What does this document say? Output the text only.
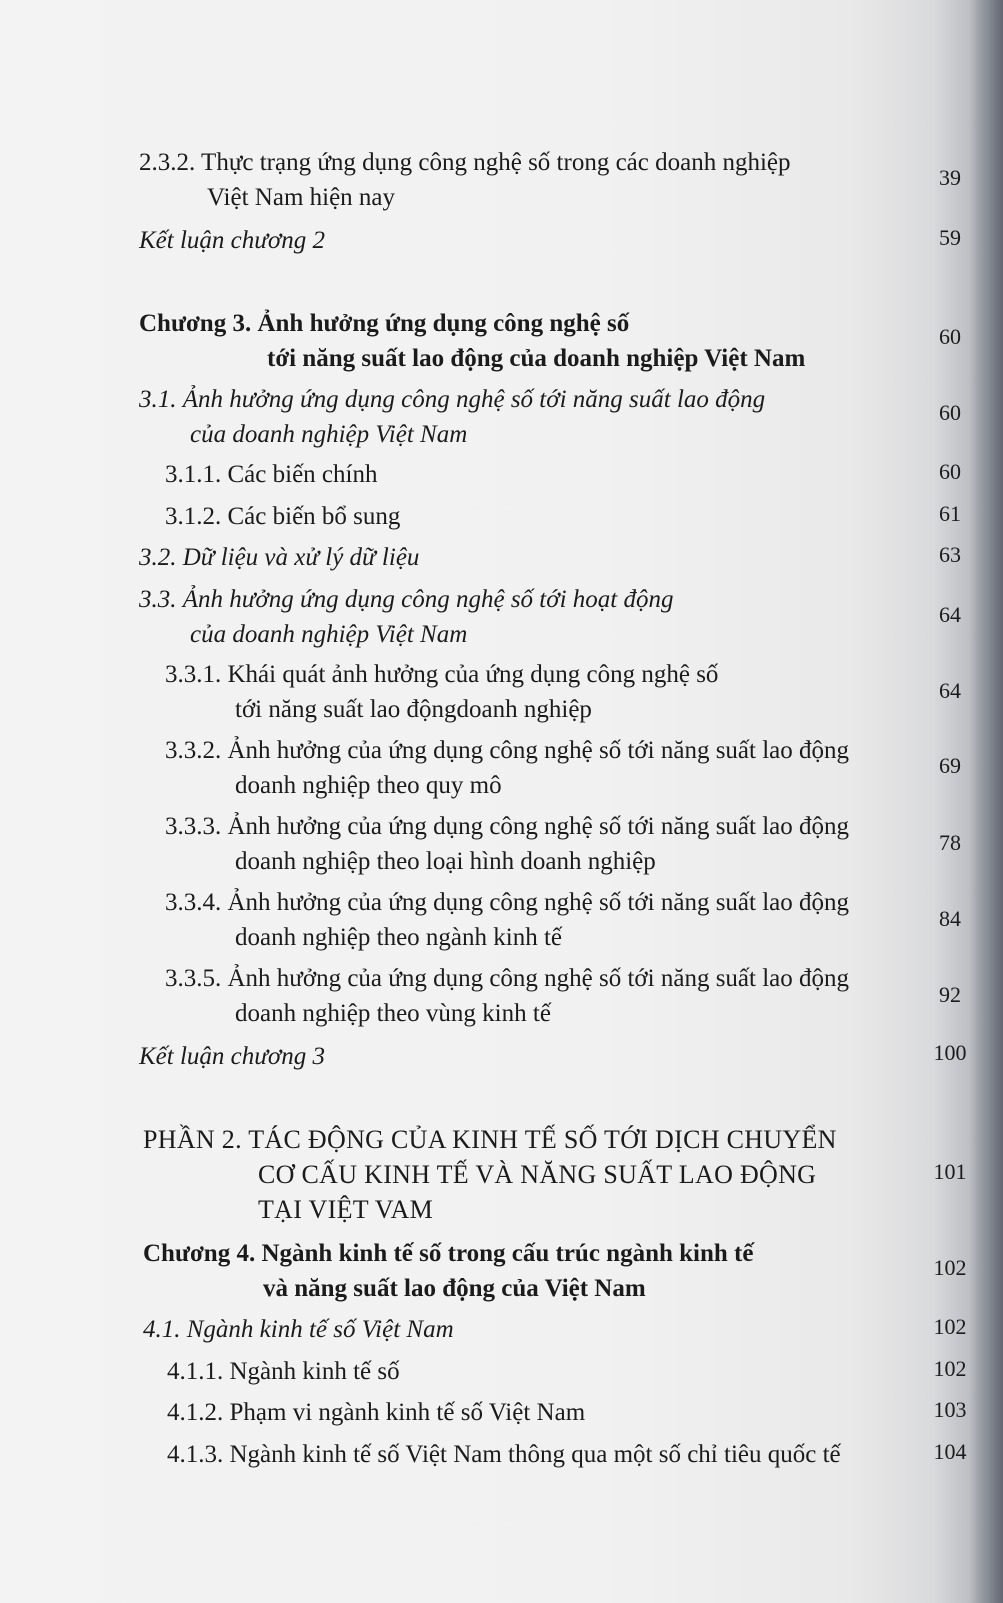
2.3.2. Thực trạng ứng dụng công nghệ số trong các doanh nghiệp
Việt Nam hiện nay
39
Kết luận chương 2	59
Chương 3. Ảnh hưởng ứng dụng công nghệ số
tới năng suất lao động của doanh nghiệp Việt Nam
60
3.1. Ảnh hưởng ứng dụng công nghệ số tới năng suất lao động
của doanh nghiệp Việt Nam
60
3.1.1. Các biến chính	60
3.1.2. Các biến bổ sung	61
3.2. Dữ liệu và xử lý dữ liệu	63
3.3. Ảnh hưởng ứng dụng công nghệ số tới hoạt động
của doanh nghiệp Việt Nam
64
3.3.1. Khái quát ảnh hưởng của ứng dụng công nghệ số
tới năng suất lao độngdoanh nghiệp
64
3.3.2. Ảnh hưởng của ứng dụng công nghệ số tới năng suất lao động
doanh nghiệp theo quy mô
69
3.3.3. Ảnh hưởng của ứng dụng công nghệ số tới năng suất lao động
doanh nghiệp theo loại hình doanh nghiệp
78
3.3.4. Ảnh hưởng của ứng dụng công nghệ số tới năng suất lao động
doanh nghiệp theo ngành kinh tế
84
3.3.5. Ảnh hưởng của ứng dụng công nghệ số tới năng suất lao động
doanh nghiệp theo vùng kinh tế
92
Kết luận chương 3	100
PHẦN 2. TÁC ĐỘNG CỦA KINH TẾ SỐ TỚI DỊCH CHUYỂN
CƠ CẤU KINH TẾ VÀ NĂNG SUẤT LAO ĐỘNG
TẠI VIỆT VAM
101
Chương 4. Ngành kinh tế số trong cấu trúc ngành kinh tế
và năng suất lao động của Việt Nam
102
4.1. Ngành kinh tế số Việt Nam	102
4.1.1. Ngành kinh tế số	102
4.1.2. Phạm vi ngành kinh tế số Việt Nam	103
4.1.3. Ngành kinh tế số Việt Nam thông qua một số chỉ tiêu quốc tế	104
